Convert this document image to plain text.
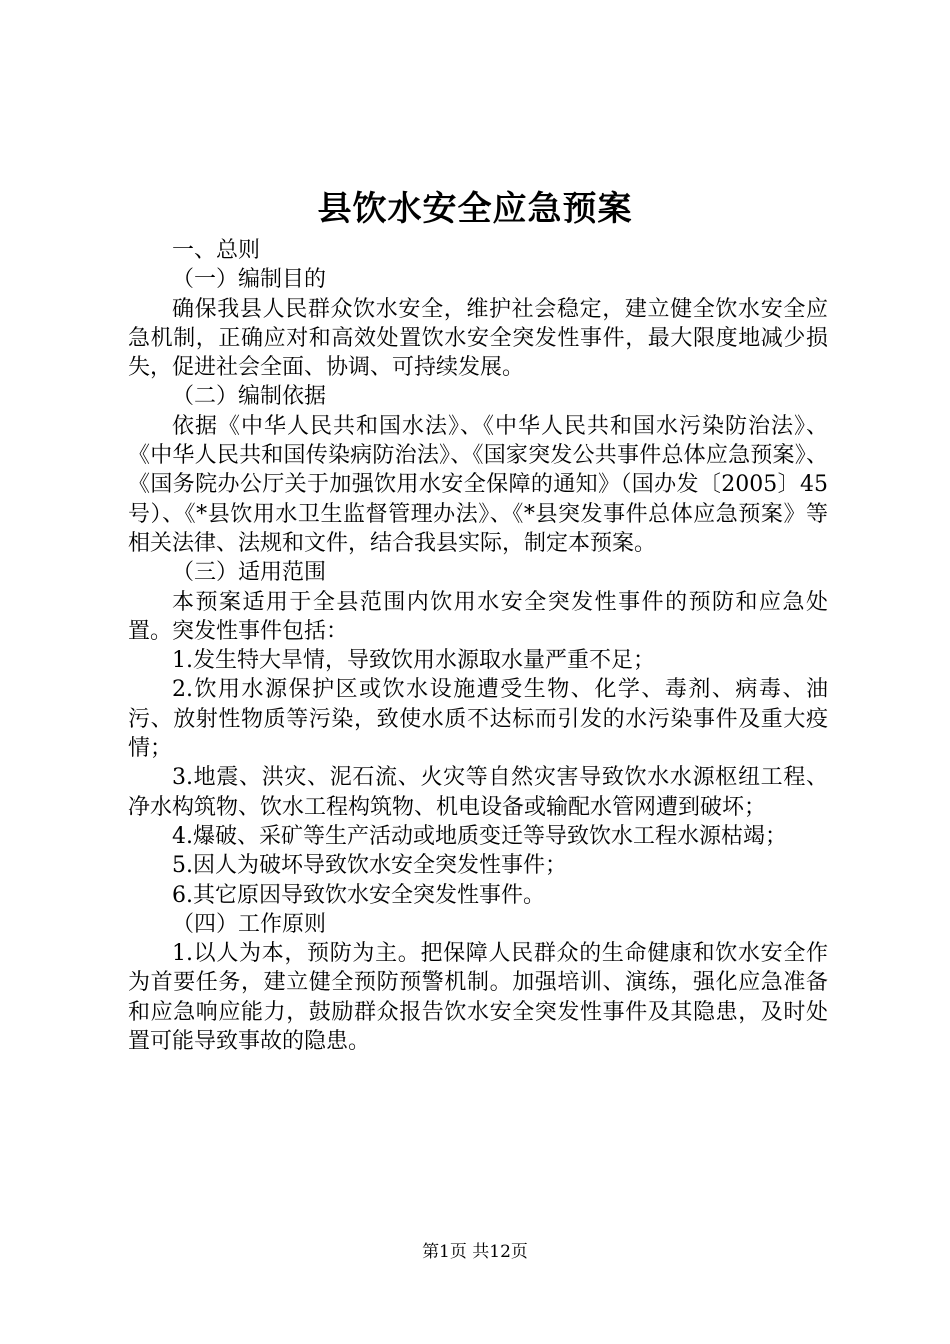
县饮水安全应急预案

一、总则

（一）编制目的

确保我县人民群众饮水安全，维护社会稳定，建立健全饮水安全应急机制，正确应对和高效处置饮水安全突发性事件，最大限度地减少损失，促进社会全面、协调、可持续发展。

（二）编制依据

依据《中华人民共和国水法》、《中华人民共和国水污染防治法》、《中华人民共和国传染病防治法》、《国家突发公共事件总体应急预案》、《国务院办公厅关于加强饮用水安全保障的通知》（国办发〔2005〕45号）、《*县饮用水卫生监督管理办法》、《*县突发事件总体应急预案》等相关法律、法规和文件，结合我县实际，制定本预案。

（三）适用范围

本预案适用于全县范围内饮用水安全突发性事件的预防和应急处置。突发性事件包括：

1.发生特大旱情，导致饮用水源取水量严重不足；

2.饮用水源保护区或饮水设施遭受生物、化学、毒剂、病毒、油污、放射性物质等污染，致使水质不达标而引发的水污染事件及重大疫情；

3.地震、洪灾、泥石流、火灾等自然灾害导致饮水水源枢纽工程、净水构筑物、饮水工程构筑物、机电设备或输配水管网遭到破坏；

4.爆破、采矿等生产活动或地质变迁等导致饮水工程水源枯竭；

5.因人为破坏导致饮水安全突发性事件；

6.其它原因导致饮水安全突发性事件。

（四）工作原则

1.以人为本，预防为主。把保障人民群众的生命健康和饮水安全作为首要任务，建立健全预防预警机制。加强培训、演练，强化应急准备和应急响应能力，鼓励群众报告饮水安全突发性事件及其隐患，及时处置可能导致事故的隐患。

第1页 共12页
